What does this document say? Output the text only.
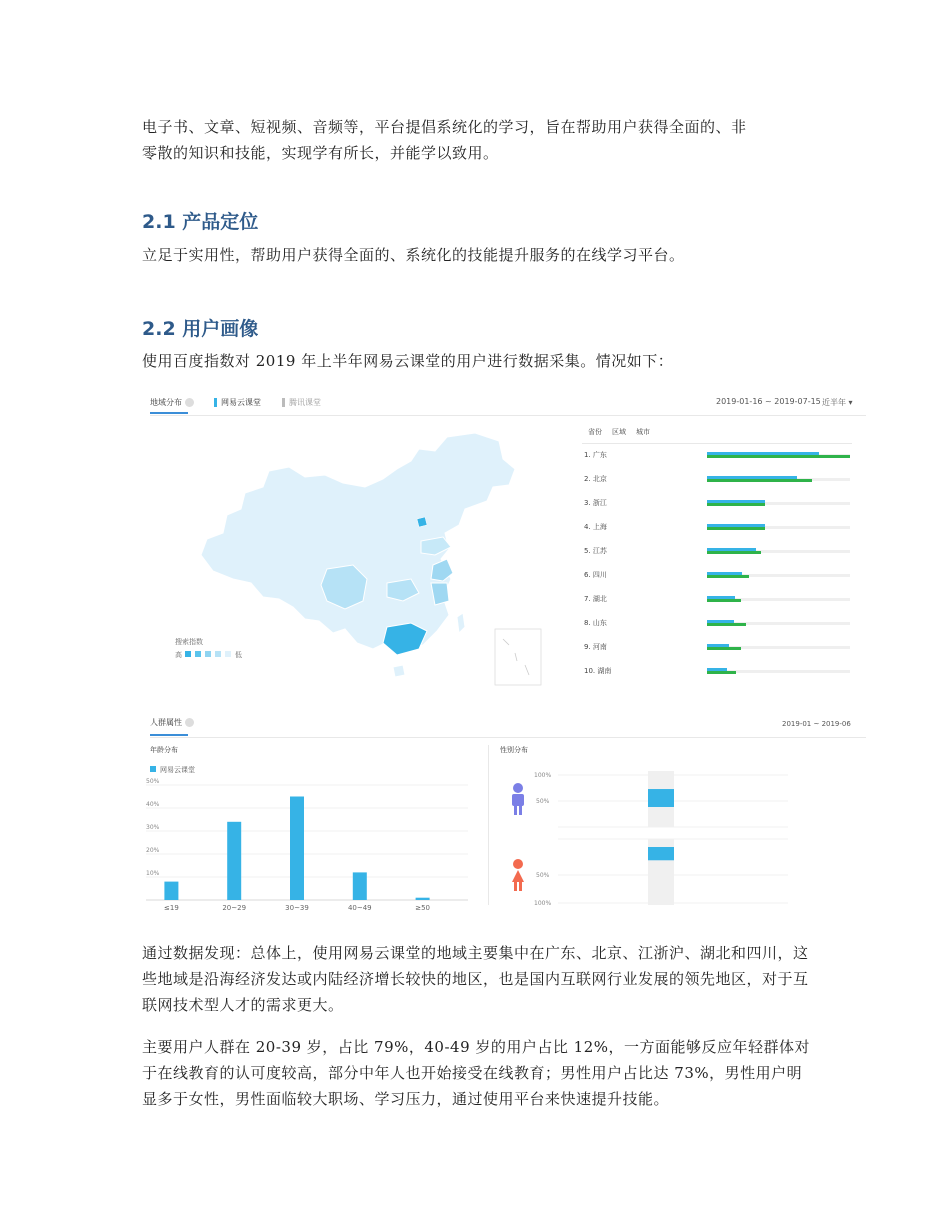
电子书、文章、短视频、音频等，平台提倡系统化的学习，旨在帮助用户获得全面的、非

零散的知识和技能，实现学有所长，并能学以致用。

2.1 产品定位

立足于实用性，帮助用户获得全面的、系统化的技能提升服务的在线学习平台。

2.2 用户画像

使用百度指数对 2019 年上半年网易云课堂的用户进行数据采集。情况如下：

地域分布	网易云课堂	腾讯课堂	2019-01-16 ~ 2019-07-15 近半年 ▾
搜索指数
高	低
省份 区域 城市
1. 广东
2. 北京
3. 浙江
4. 上海
5. 江苏
6. 四川
7. 湖北
8. 山东
9. 河南
10. 湖南
人群属性	2019-01 ~ 2019-06
年龄分布
网易云课堂
10%
20%
30%
40%
50%
≤19	20~29	30~39	40~49	≥50
性别分布
100%
50%
50%
100%

通过数据发现：总体上，使用网易云课堂的地域主要集中在广东、北京、江浙沪、湖北和四川，这些地域是沿海经济发达或内陆经济增长较快的地区，也是国内互联网行业发展的领先地区，对于互联网技术型人才的需求更大。

主要用户人群在 20-39 岁，占比 79%，40-49 岁的用户占比 12%，一方面能够反应年轻群体对于在线教育的认可度较高，部分中年人也开始接受在线教育；男性用户占比达 73%，男性用户明显多于女性，男性面临较大职场、学习压力，通过使用平台来快速提升技能。
